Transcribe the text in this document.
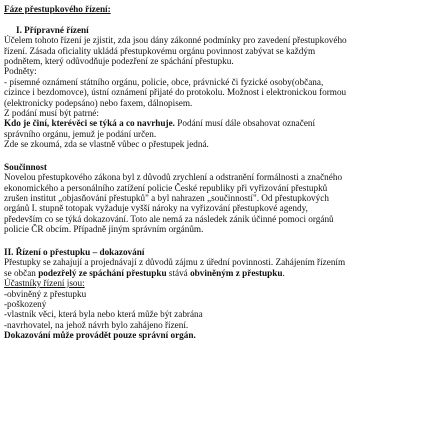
Fáze přestupkového řízení:
I. Přípravné řízení
Účelem tohoto řízení je zjistit, zda jsou dány zákonné podmínky pro zavedení přestupkového
řízení. Zásada oficiality ukládá přestupkovému orgánu povinnost zabývat se každým
podnětem, který odůvodňuje podezření ze spáchání přestupku.
Podněty:
- písemné oznámení státního orgánu, policie, obce, právnické či fyzické osoby(občana,
cizince i bezdomovce), ústní oznámení přijaté do protokolu. Možnost i elektronickou formou
(elektronicky podepsáno) nebo faxem, dálnopisem.
Z podání musí být patrné:
Kdo je činí, kterévěci se týká a co navrhuje. Podání musí dále obsahovat označení
správního orgánu, jemuž je podání určen.
Zde se zkoumá, zda se vlastně vůbec o přestupek jedná.
Součinnost
Novelou přestupkového zákona byl z důvodů zrychlení a odstranění formálnosti a značného
ekonomického a personálního zatížení policie České republiky při vyřizování přestupků
zrušen institut „objasňování přestupků" a byl nahrazen „součinností". Od přestupkových
orgánů I. stupně totopak vyžaduje vyšší nároky na vyřizování přestupkové agendy,
především co se týká dokazování. Toto ale nemá za následek zánik účinné pomoci orgánů
policie ČR obcím. Případně jiným správním orgánům.
II. Řízení o přestupku – dokazování
Přestupky se zahajují a projednávají z důvodů zájmu z úřední povinnosti. Zahájením řízením
se občan podezřelý ze spáchání přestupku stává obviněným z přestupku.
Účastníky řízení jsou:
-obviněný z přestupku
-poškozený
-vlastník věci, která byla nebo která může být zabrána
-navrhovatel, na jehož návrh bylo zahájeno řízení.
Dokazování může provádět pouze správní orgán.
